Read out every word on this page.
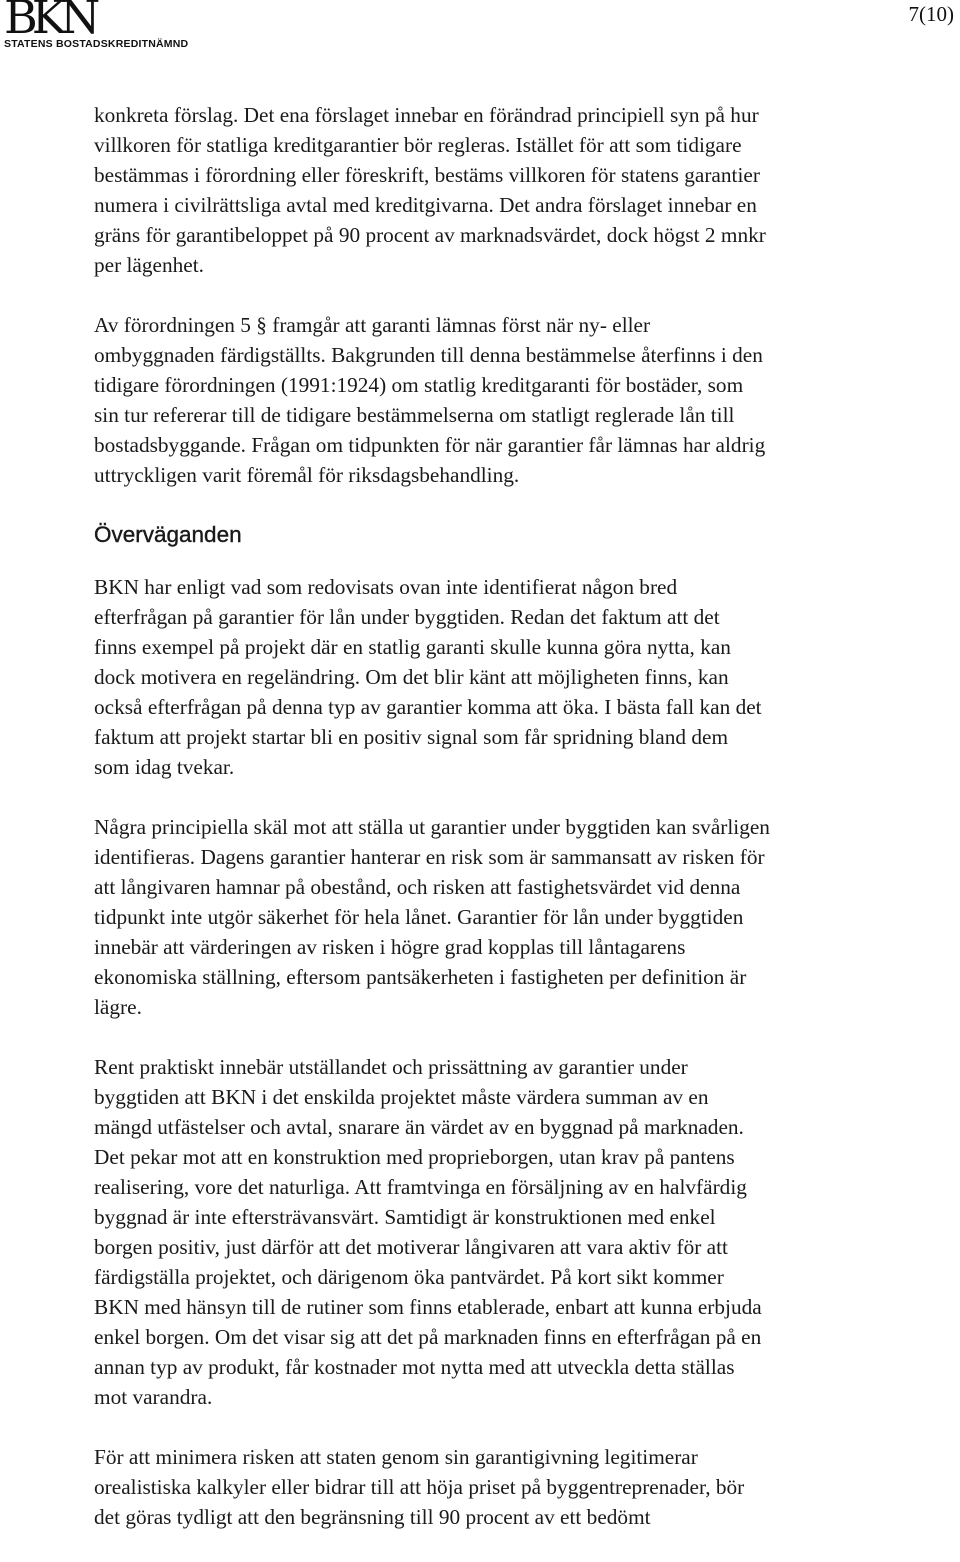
BKN
STATENS BOSTADSKREDITNÄMND
7(10)

konkreta förslag. Det ena förslaget innebar en förändrad principiell syn på hur
villkoren för statliga kreditgarantier bör regleras. Istället för att som tidigare
bestämmas i förordning eller föreskrift, bestäms villkoren för statens garantier
numera i civilrättsliga avtal med kreditgivarna. Det andra förslaget innebar en
gräns för garantibeloppet på 90 procent av marknadsvärdet, dock högst 2 mnkr
per lägenhet.

Av förordningen 5 § framgår att garanti lämnas först när ny- eller
ombyggnaden färdigställts. Bakgrunden till denna bestämmelse återfinns i den
tidigare förordningen (1991:1924) om statlig kreditgaranti för bostäder, som
sin tur refererar till de tidigare bestämmelserna om statligt reglerade lån till
bostadsbyggande. Frågan om tidpunkten för när garantier får lämnas har aldrig
uttryckligen varit föremål för riksdagsbehandling.

Överväganden

BKN har enligt vad som redovisats ovan inte identifierat någon bred
efterfrågan på garantier för lån under byggtiden. Redan det faktum att det
finns exempel på projekt där en statlig garanti skulle kunna göra nytta, kan
dock motivera en regeländring. Om det blir känt att möjligheten finns, kan
också efterfrågan på denna typ av garantier komma att öka. I bästa fall kan det
faktum att projekt startar bli en positiv signal som får spridning bland dem
som idag tvekar.

Några principiella skäl mot att ställa ut garantier under byggtiden kan svårligen
identifieras. Dagens garantier hanterar en risk som är sammansatt av risken för
att långivaren hamnar på obestånd, och risken att fastighetsvärdet vid denna
tidpunkt inte utgör säkerhet för hela lånet. Garantier för lån under byggtiden
innebär att värderingen av risken i högre grad kopplas till låntagarens
ekonomiska ställning, eftersom pantsäkerheten i fastigheten per definition är
lägre.

Rent praktiskt innebär utställandet och prissättning av garantier under
byggtiden att BKN i det enskilda projektet måste värdera summan av en
mängd utfästelser och avtal, snarare än värdet av en byggnad på marknaden.
Det pekar mot att en konstruktion med proprieborgen, utan krav på pantens
realisering, vore det naturliga. Att framtvinga en försäljning av en halvfärdig
byggnad är inte eftersträvansvärt. Samtidigt är konstruktionen med enkel
borgen positiv, just därför att det motiverar långivaren att vara aktiv för att
färdigställa projektet, och därigenom öka pantvärdet. På kort sikt kommer
BKN med hänsyn till de rutiner som finns etablerade, enbart att kunna erbjuda
enkel borgen. Om det visar sig att det på marknaden finns en efterfrågan på en
annan typ av produkt, får kostnader mot nytta med att utveckla detta ställas
mot varandra.

För att minimera risken att staten genom sin garantigivning legitimerar
orealistiska kalkyler eller bidrar till att höja priset på byggentreprenader, bör
det göras tydligt att den begränsning till 90 procent av ett bedömt
